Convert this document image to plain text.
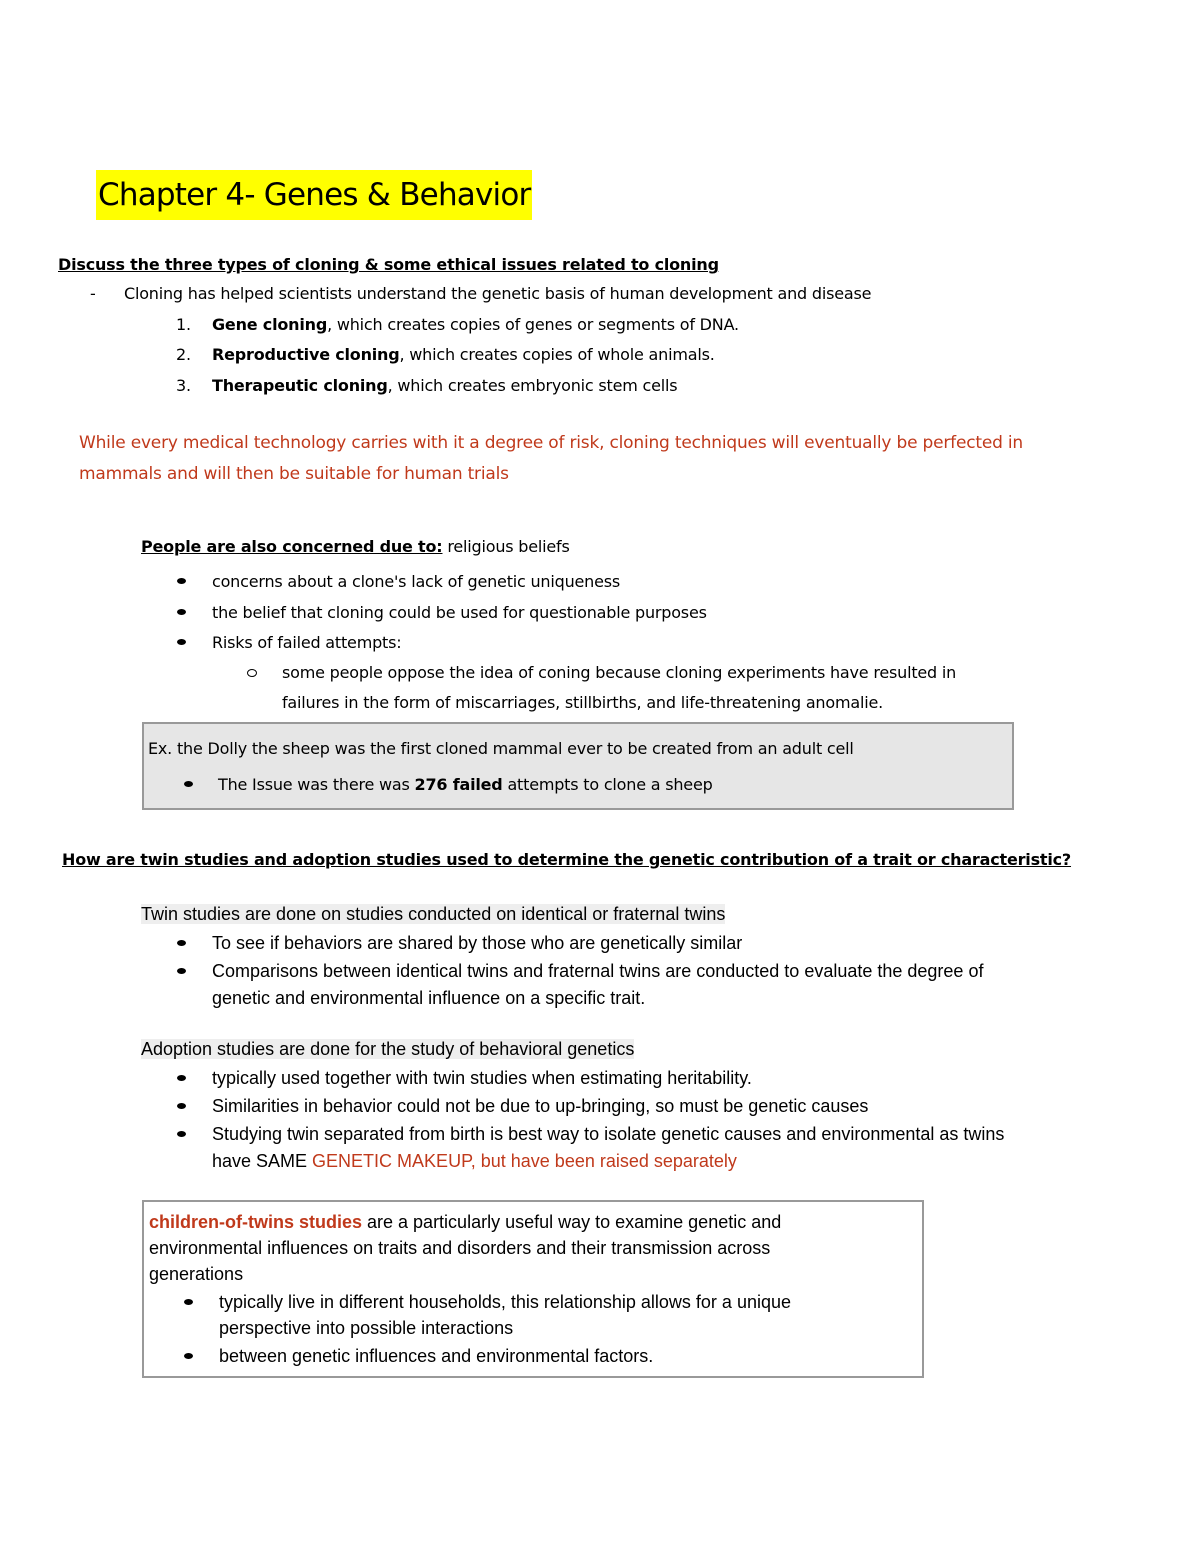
Chapter 4- Genes & Behavior
Discuss the three types of cloning & some ethical issues related to cloning
- Cloning has helped scientists understand the genetic basis of human development and disease
1. Gene cloning, which creates copies of genes or segments of DNA.
2. Reproductive cloning, which creates copies of whole animals.
3. Therapeutic cloning, which creates embryonic stem cells
While every medical technology carries with it a degree of risk, cloning techniques will eventually be perfected in
mammals and will then be suitable for human trials
People are also concerned due to: religious beliefs
concerns about a clone's lack of genetic uniqueness
the belief that cloning could be used for questionable purposes
Risks of failed attempts:
some people oppose the idea of coning because cloning experiments have resulted in
failures in the form of miscarriages, stillbirths, and life-threatening anomalie.
Ex. the Dolly the sheep was the first cloned mammal ever to be created from an adult cell
The Issue was there was 276 failed attempts to clone a sheep
How are twin studies and adoption studies used to determine the genetic contribution of a trait or characteristic?
Twin studies are done on studies conducted on identical or fraternal twins
To see if behaviors are shared by those who are genetically similar
Comparisons between identical twins and fraternal twins are conducted to evaluate the degree of
genetic and environmental influence on a specific trait.
Adoption studies are done for the study of behavioral genetics
typically used together with twin studies when estimating heritability.
Similarities in behavior could not be due to up-bringing, so must be genetic causes
Studying twin separated from birth is best way to isolate genetic causes and environmental as twins
have SAME GENETIC MAKEUP, but have been raised separately
children-of-twins studies are a particularly useful way to examine genetic and
environmental influences on traits and disorders and their transmission across
generations
typically live in different households, this relationship allows for a unique
perspective into possible interactions
between genetic influences and environmental factors.
